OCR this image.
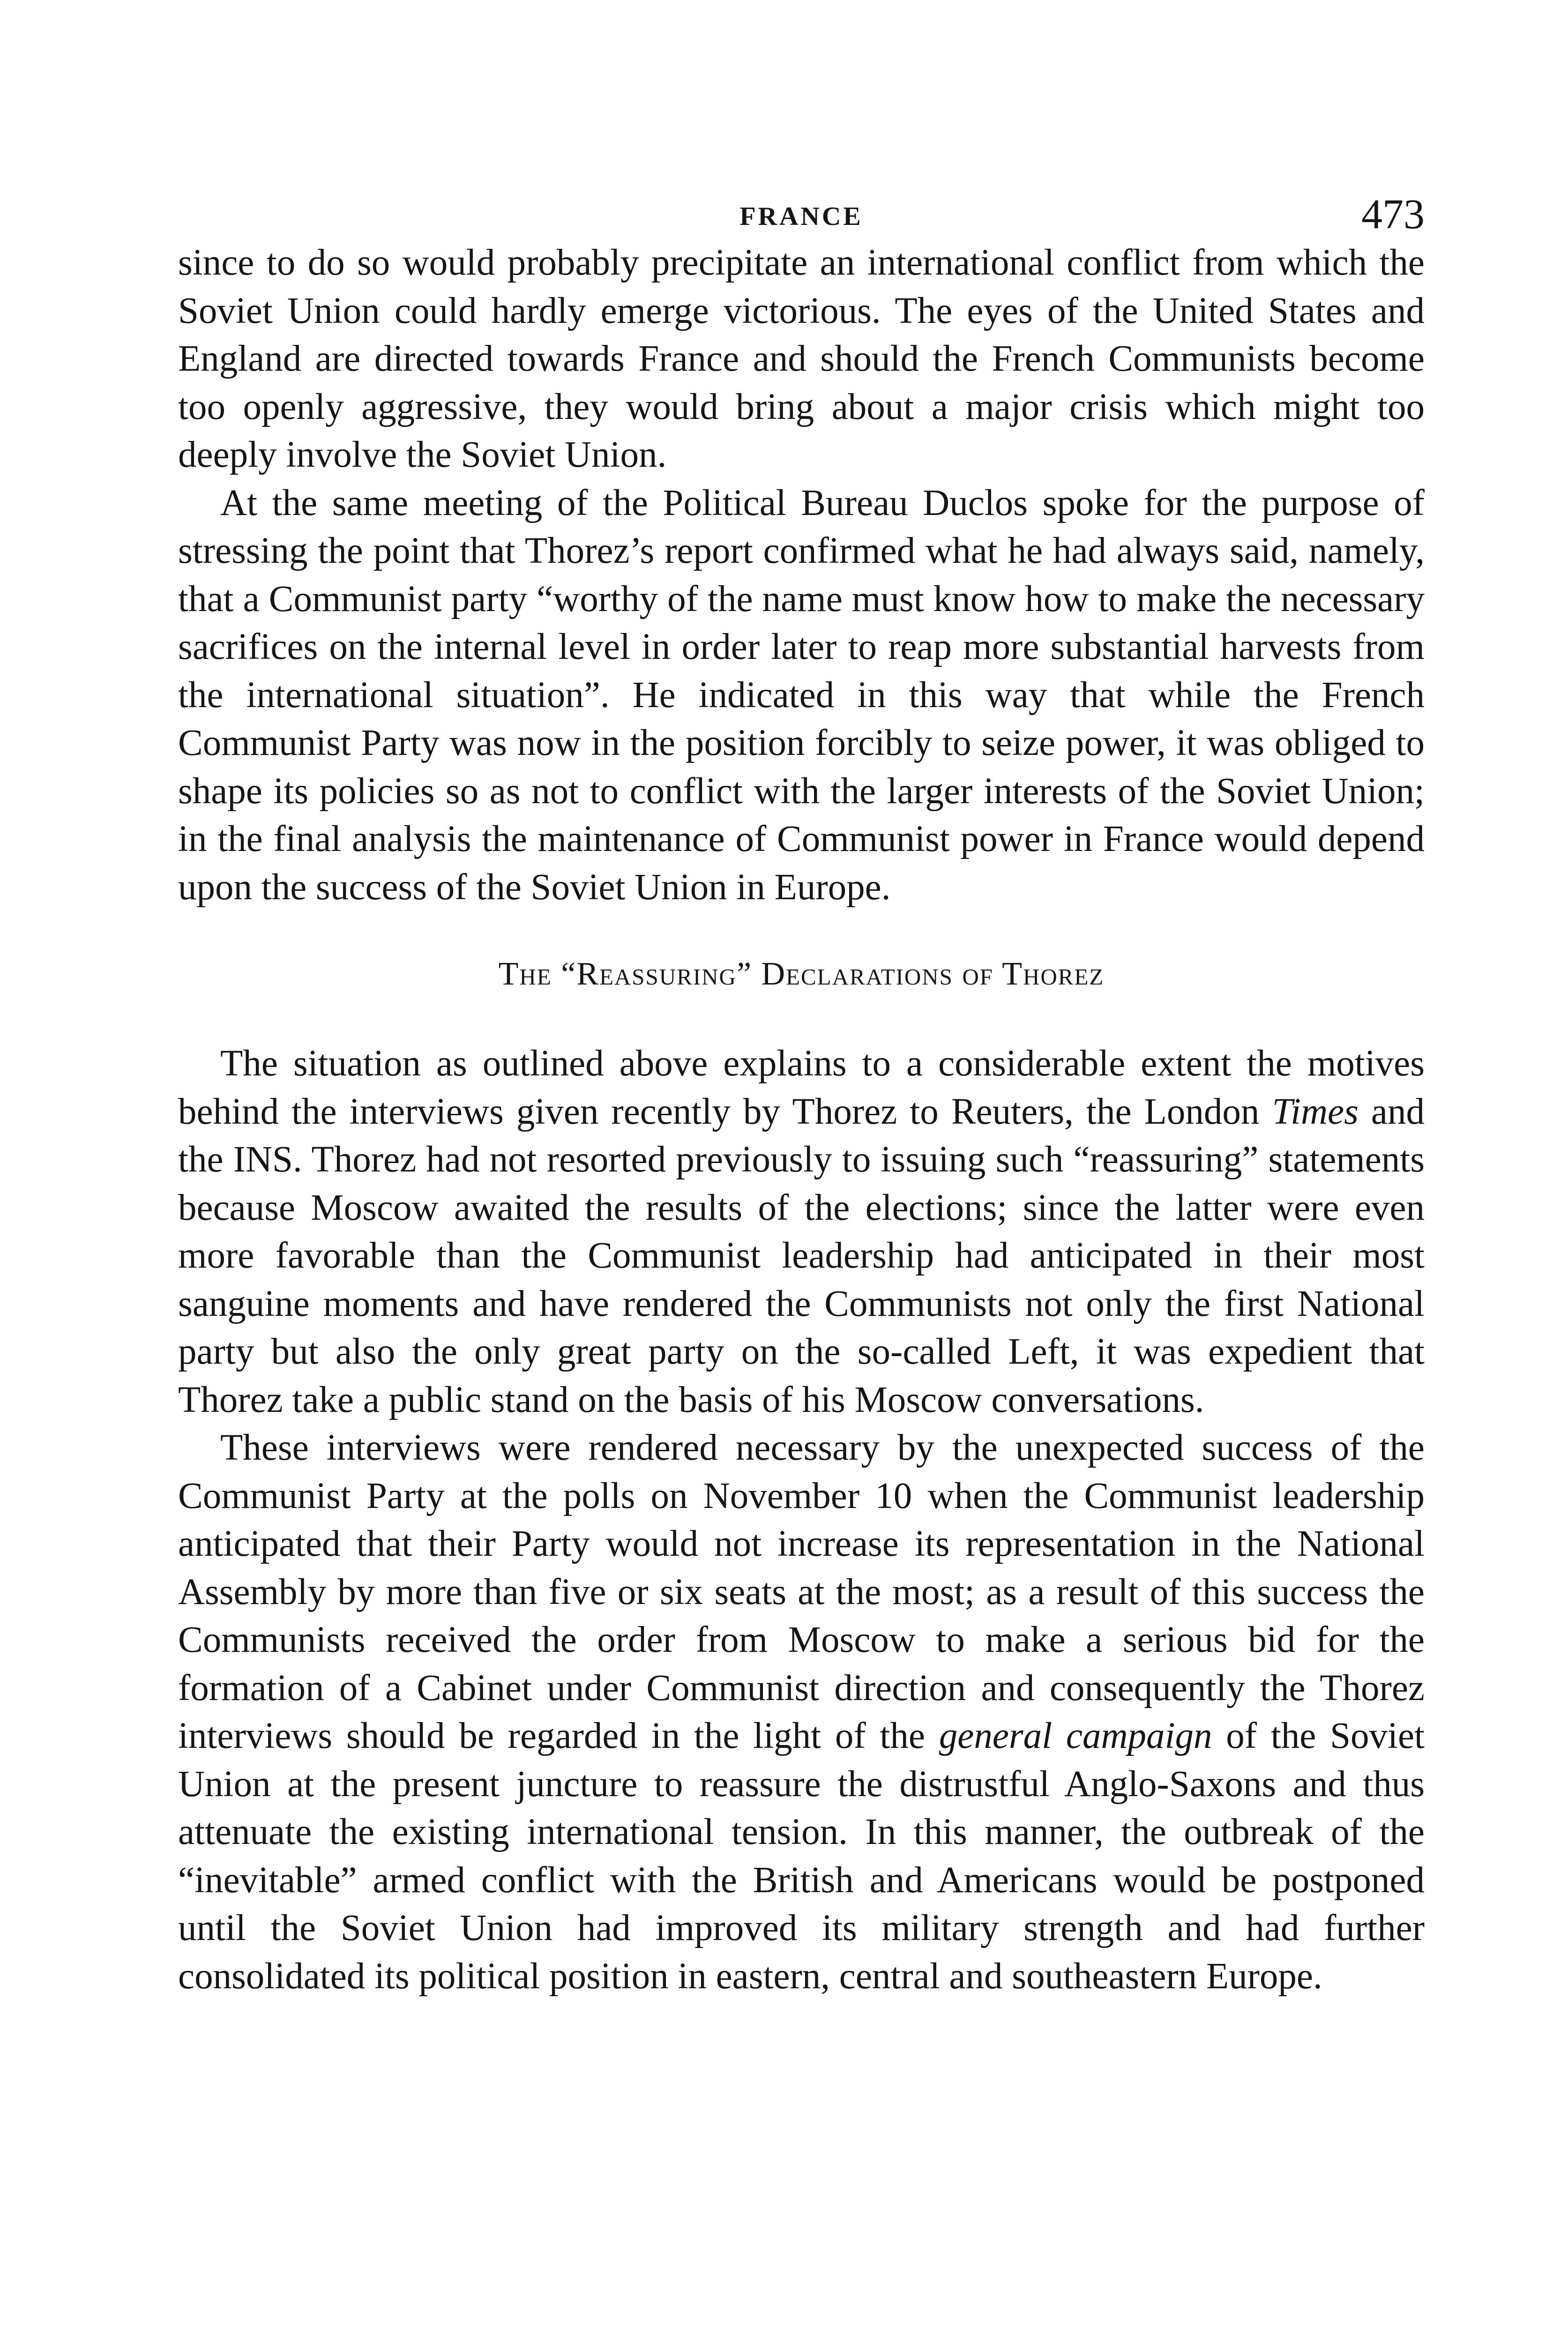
FRANCE	473

since to do so would probably precipitate an international conflict from which the Soviet Union could hardly emerge victorious. The eyes of the United States and England are directed towards France and should the French Communists become too openly aggressive, they would bring about a major crisis which might too deeply involve the Soviet Union.

At the same meeting of the Political Bureau Duclos spoke for the purpose of stressing the point that Thorez’s report confirmed what he had always said, namely, that a Communist party “worthy of the name must know how to make the necessary sacrifices on the internal level in order later to reap more substantial harvests from the international situation”. He indicated in this way that while the French Communist Party was now in the position forcibly to seize power, it was obliged to shape its policies so as not to conflict with the larger interests of the Soviet Union; in the final analysis the maintenance of Communist power in France would depend upon the success of the Soviet Union in Europe.

The “Reassuring” Declarations of Thorez

The situation as outlined above explains to a considerable extent the motives behind the interviews given recently by Thorez to Reuters, the London Times and the INS. Thorez had not resorted previously to issuing such “reassuring” statements because Moscow awaited the results of the elections; since the latter were even more favorable than the Communist leadership had anticipated in their most sanguine moments and have rendered the Communists not only the first National party but also the only great party on the so-called Left, it was expedient that Thorez take a public stand on the basis of his Moscow conversations.

These interviews were rendered necessary by the unexpected success of the Communist Party at the polls on November 10 when the Communist leadership anticipated that their Party would not increase its representation in the National Assembly by more than five or six seats at the most; as a result of this success the Communists received the order from Moscow to make a serious bid for the formation of a Cabinet under Communist direction and consequently the Thorez interviews should be regarded in the light of the general campaign of the Soviet Union at the present juncture to reassure the distrustful Anglo-Saxons and thus attenuate the existing international tension. In this manner, the outbreak of the “inevitable” armed conflict with the British and Americans would be postponed until the Soviet Union had improved its military strength and had further consolidated its political position in eastern, central and southeastern Europe.
